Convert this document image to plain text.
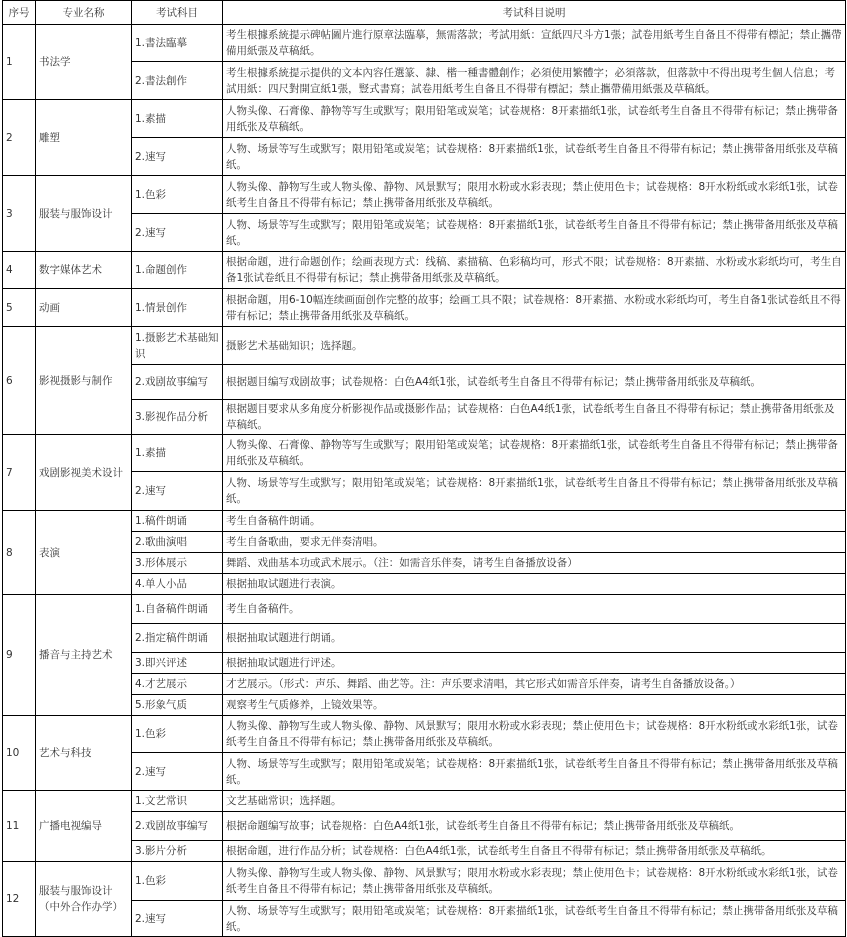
序号	专业名称	考试科目	考试科目说明
1	书法学	1.書法臨摹	考生根據系統提示碑帖圖片進行原章法臨摹，無需落款；考試用紙：宣紙四尺斗方1張；試卷用紙考生自备且不得带有標記；禁止攜帶備用紙張及草稿紙。
		2.書法創作	考生根據系統提示提供的文本內容任選篆、隸、楷一種書體創作；必須使用繁體字；必須落款，但落款中不得出現考生個人信息；考試用紙：四尺對開宣紙1張，豎式書寫；試卷用紙考生自备且不得带有標記；禁止攜帶備用紙張及草稿紙。
2	雕塑	1.素描	人物头像、石膏像、静物等写生或默写；限用铅笔或炭笔；试卷规格：8开素描纸1张，试卷纸考生自备且不得带有标记；禁止携带备用纸张及草稿纸。
		2.速写	人物、场景等写生或默写；限用铅笔或炭笔；试卷规格：8开素描纸1张，试卷纸考生自备且不得带有标记；禁止携带备用纸张及草稿纸。
3	服装与服饰设计	1.色彩	人物头像、静物写生或人物头像、静物、风景默写；限用水粉或水彩表现；禁止使用色卡；试卷规格：8开水粉纸或水彩纸1张，试卷纸考生自备且不得带有标记；禁止携带备用纸张及草稿纸。
		2.速写	人物、场景等写生或默写；限用铅笔或炭笔；试卷规格：8开素描纸1张，试卷纸考生自备且不得带有标记；禁止携带备用纸张及草稿纸。
4	数字媒体艺术	1.命题创作	根据命题，进行命题创作；绘画表现方式：线稿、素描稿、色彩稿均可，形式不限；试卷规格：8开素描、水粉或水彩纸均可，考生自备1张试卷纸且不得带有标记；禁止携带备用纸张及草稿纸。
5	动画	1.情景创作	根据命题，用6-10幅连续画面创作完整的故事；绘画工具不限；试卷规格：8开素描、水粉或水彩纸均可，考生自备1张试卷纸且不得带有标记；禁止携带备用纸张及草稿纸。
6	影视摄影与制作	1.摄影艺术基础知识	摄影艺术基础知识；选择题。
		2.戏剧故事编写	根据题目编写戏剧故事；试卷规格：白色A4纸1张，试卷纸考生自备且不得带有标记；禁止携带备用纸张及草稿纸。
		3.影视作品分析	根据题目要求从多角度分析影视作品或摄影作品；试卷规格：白色A4纸1张，试卷纸考生自备且不得带有标记；禁止携带备用纸张及草稿纸。
7	戏剧影视美术设计	1.素描	人物头像、石膏像、静物等写生或默写；限用铅笔或炭笔；试卷规格：8开素描纸1张，试卷纸考生自备且不得带有标记；禁止携带备用纸张及草稿纸。
		2.速写	人物、场景等写生或默写；限用铅笔或炭笔；试卷规格：8开素描纸1张，试卷纸考生自备且不得带有标记；禁止携带备用纸张及草稿纸。
8	表演	1.稿件朗诵	考生自备稿件朗诵。
		2.歌曲演唱	考生自备歌曲，要求无伴奏清唱。
		3.形体展示	舞蹈、戏曲基本功或武术展示。（注：如需音乐伴奏，请考生自备播放设备）
		4.单人小品	根据抽取试题进行表演。
9	播音与主持艺术	1.自备稿件朗诵	考生自备稿件。
		2.指定稿件朗诵	根据抽取试题进行朗诵。
		3.即兴评述	根据抽取试题进行评述。
		4.才艺展示	才艺展示。（形式：声乐、舞蹈、曲艺等。注：声乐要求清唱，其它形式如需音乐伴奏，请考生自备播放设备。）
		5.形象气质	观察考生气质修养，上镜效果等。
10	艺术与科技	1.色彩	人物头像、静物写生或人物头像、静物、风景默写；限用水粉或水彩表现；禁止使用色卡；试卷规格：8开水粉纸或水彩纸1张，试卷纸考生自备且不得带有标记；禁止携带备用纸张及草稿纸。
		2.速写	人物、场景等写生或默写；限用铅笔或炭笔；试卷规格：8开素描纸1张，试卷纸考生自备且不得带有标记；禁止携带备用纸张及草稿纸。
11	广播电视编导	1.文艺常识	文艺基础常识；选择题。
		2.戏剧故事编写	根据命题编写故事；试卷规格：白色A4纸1张，试卷纸考生自备且不得带有标记；禁止携带备用纸张及草稿纸。
		3.影片分析	根据命题，进行作品分析；试卷规格：白色A4纸1张，试卷纸考生自备且不得带有标记；禁止携带备用纸张及草稿纸。
12	服装与服饰设计（中外合作办学）	1.色彩	人物头像、静物写生或人物头像、静物、风景默写；限用水粉或水彩表现；禁止使用色卡；试卷规格：8开水粉纸或水彩纸1张，试卷纸考生自备且不得带有标记；禁止携带备用纸张及草稿纸。
		2.速写	人物、场景等写生或默写；限用铅笔或炭笔；试卷规格：8开素描纸1张，试卷纸考生自备且不得带有标记；禁止携带备用纸张及草稿纸。
